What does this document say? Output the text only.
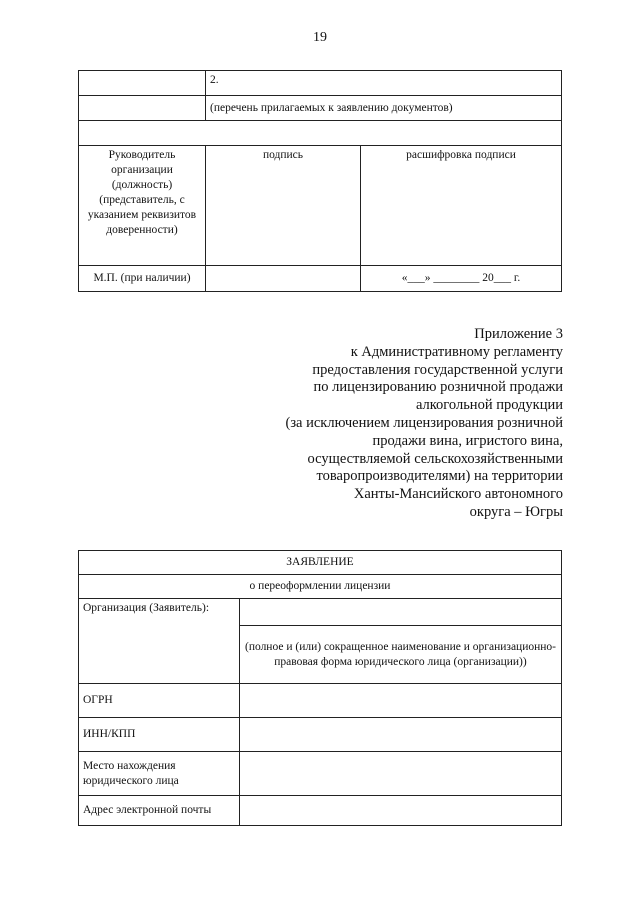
19
	2.	
	(перечень прилагаемых к заявлению документов)	

Руководитель организации (должность) (представитель, с указанием реквизитов доверенности)	подпись	расшифровка подписи
М.П. (при наличии)		«___» ________ 20___ г.
Приложение 3
к Административному регламенту
предоставления государственной услуги
по лицензированию розничной продажи
алкогольной продукции
(за исключением лицензирования розничной
продажи вина, игристого вина,
осуществляемой сельскохозяйственными
товаропроизводителями) на территории
Ханты-Мансийского автономного
округа – Югры
ЗАЯВЛЕНИЕ	
о переоформлении лицензии	
Организация (Заявитель):	
	(полное и (или) сокращенное наименование и организационно-правовая форма юридического лица (организации))
ОГРН	
ИНН/КПП	
Место нахождения юридического лица	
Адрес электронной почты	
